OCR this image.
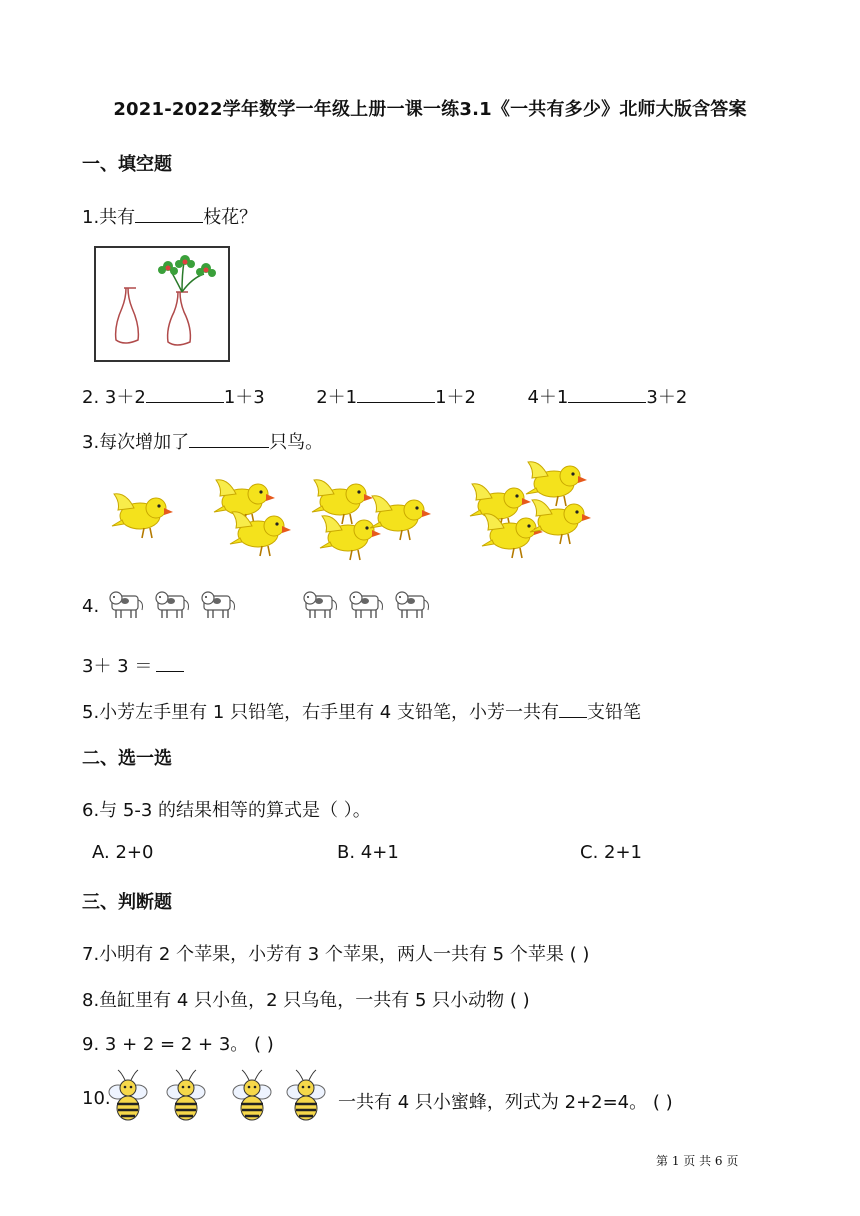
2021-2022学年数学一年级上册一课一练3.1《一共有多少》北师大版含答案
一、填空题
1.共有	枝花？
2. 3＋2	1＋3	2＋1	1＋2	4＋1	3＋2
3.每次增加了	只鸟。
4.
3＋ 3 ＝
5.小芳左手里有 1 只铅笔，右手里有 4 支铅笔，小芳一共有 支铅笔
二、选一选
6.与 5-3 的结果相等的算式是（ ）。
A. 2+0	B. 4+1	C. 2+1
三、判断题
7.小明有 2 个苹果，小芳有 3 个苹果，两人一共有 5 个苹果 ( )
8.鱼缸里有 4 只小鱼，2 只乌龟，一共有 5 只小动物 ( )
9. 3 + 2 = 2 + 3。 ( )
10.	一共有 4 只小蜜蜂，列式为 2+2=4。 ( )
第 1 页 共 6 页
